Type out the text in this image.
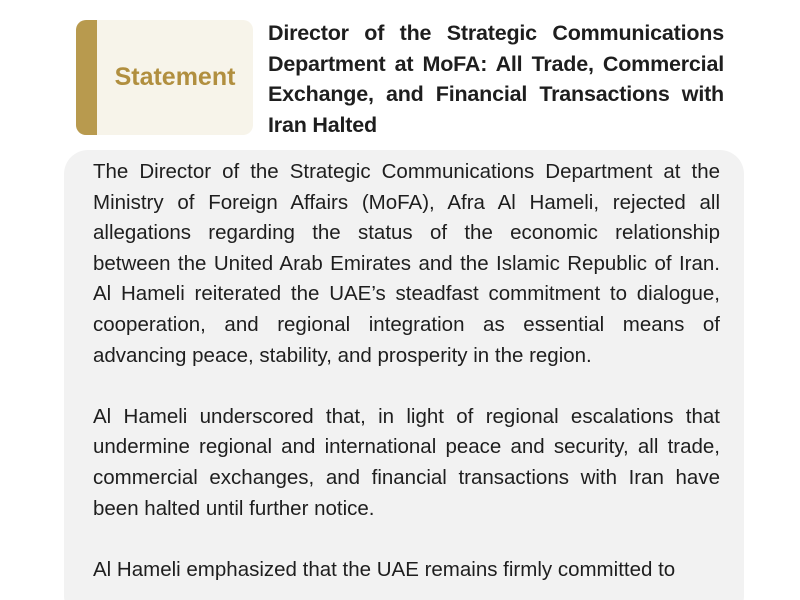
Statement
Director of the Strategic Communications Department at MoFA: All Trade, Commercial Exchange, and Financial Transactions with Iran Halted

The Director of the Strategic Communications Department at the Ministry of Foreign Affairs (MoFA), Afra Al Hameli, rejected all allegations regarding the status of the economic relationship between the United Arab Emirates and the Islamic Republic of Iran. Al Hameli reiterated the UAE’s steadfast commitment to dialogue, cooperation, and regional integration as essential means of advancing peace, stability, and prosperity in the region.

Al Hameli underscored that, in light of regional escalations that undermine regional and international peace and security, all trade, commercial exchanges, and financial transactions with Iran have been halted until further notice.

Al Hameli emphasized that the UAE remains firmly committed to
